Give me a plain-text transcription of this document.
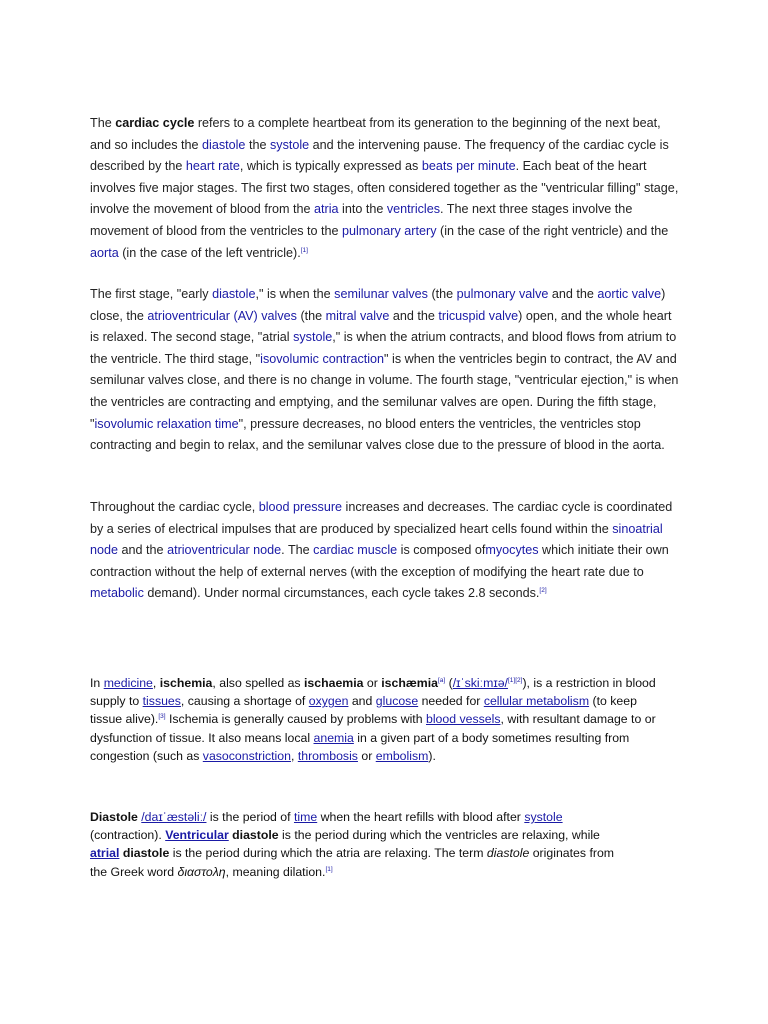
The cardiac cycle refers to a complete heartbeat from its generation to the beginning of the next beat, and so includes the diastole the systole and the intervening pause. The frequency of the cardiac cycle is described by the heart rate, which is typically expressed as beats per minute. Each beat of the heart involves five major stages. The first two stages, often considered together as the "ventricular filling" stage, involve the movement of blood from the atria into the ventricles. The next three stages involve the movement of blood from the ventricles to the pulmonary artery (in the case of the right ventricle) and the aorta (in the case of the left ventricle).[1]

The first stage, "early diastole," is when the semilunar valves (the pulmonary valve and the aortic valve) close, the atrioventricular (AV) valves (the mitral valve and the tricuspid valve) open, and the whole heart is relaxed. The second stage, "atrial systole," is when the atrium contracts, and blood flows from atrium to the ventricle. The third stage, "isovolumic contraction" is when the ventricles begin to contract, the AV and semilunar valves close, and there is no change in volume. The fourth stage, "ventricular ejection," is when the ventricles are contracting and emptying, and the semilunar valves are open. During the fifth stage, "isovolumic relaxation time", pressure decreases, no blood enters the ventricles, the ventricles stop contracting and begin to relax, and the semilunar valves close due to the pressure of blood in the aorta.

Throughout the cardiac cycle, blood pressure increases and decreases. The cardiac cycle is coordinated by a series of electrical impulses that are produced by specialized heart cells found within the sinoatrial node and the atrioventricular node. The cardiac muscle is composed ofmyocytes which initiate their own contraction without the help of external nerves (with the exception of modifying the heart rate due to metabolic demand). Under normal circumstances, each cycle takes 2.8 seconds.[2]

In medicine, ischemia, also spelled as ischaemia or ischæmia[a] (/ɪˈskiːmɪə/[1][2]), is a restriction in blood supply to tissues, causing a shortage of oxygen and glucose needed for cellular metabolism (to keep tissue alive).[3] Ischemia is generally caused by problems with blood vessels, with resultant damage to or dysfunction of tissue. It also means local anemia in a given part of a body sometimes resulting from congestion (such as vasoconstriction, thrombosis or embolism).

Diastole /daɪˈæstəliː/ is the period of time when the heart refills with blood after systole (contraction). Ventricular diastole is the period during which the ventricles are relaxing, while atrial diastole is the period during which the atria are relaxing. The term diastole originates from the Greek word διαστολη, meaning dilation.[1]
